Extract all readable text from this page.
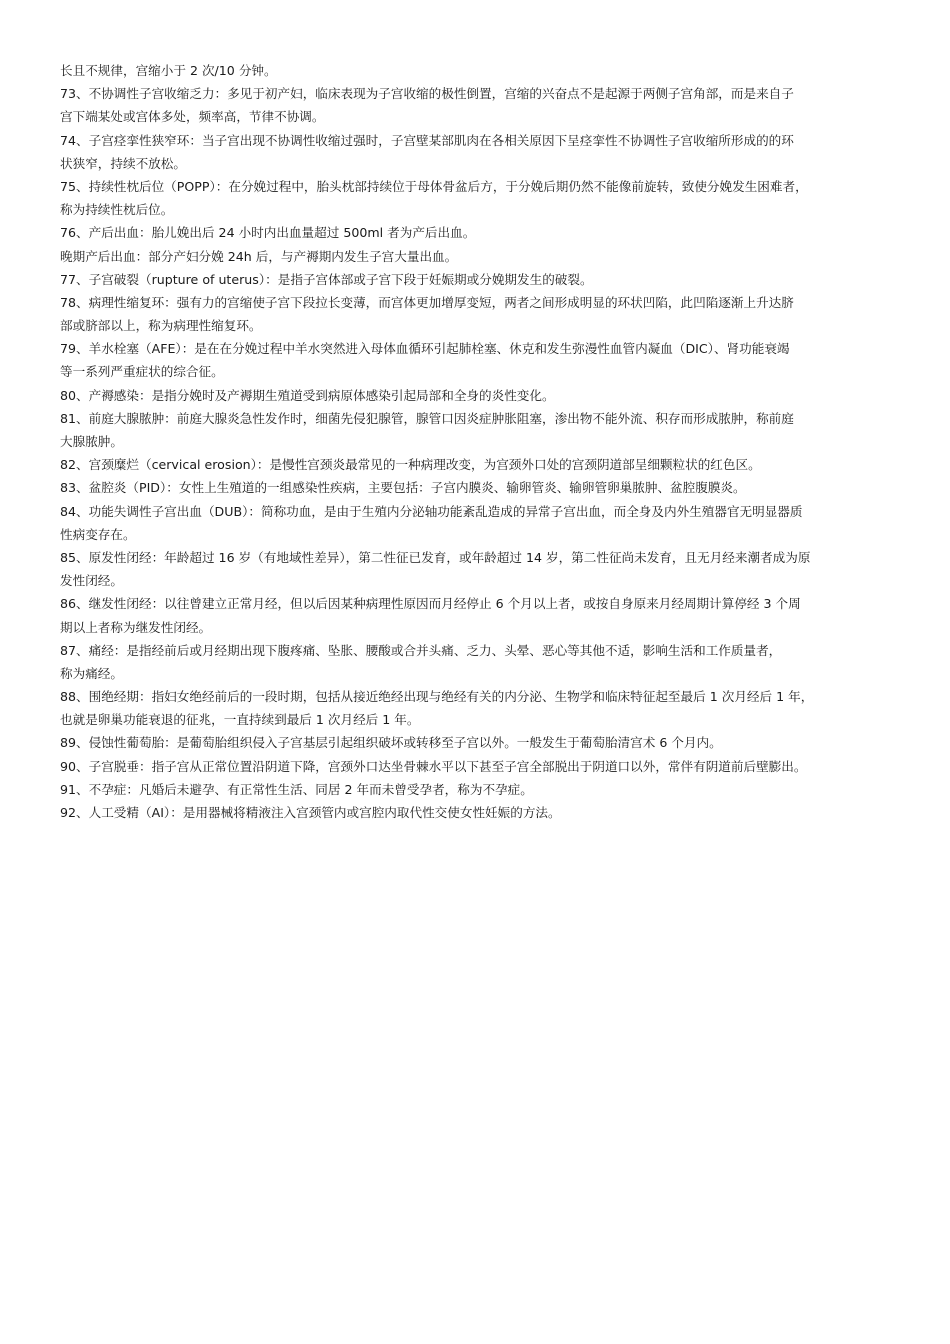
长且不规律，宫缩小于 2 次/10 分钟。
73、不协调性子宫收缩乏力：多见于初产妇，临床表现为子宫收缩的极性倒置，宫缩的兴奋点不是起源于两侧子宫角部，而是来自子
宫下端某处或宫体多处，频率高，节律不协调。
74、子宫痉挛性狭窄环：当子宫出现不协调性收缩过强时，子宫壁某部肌肉在各相关原因下呈痉挛性不协调性子宫收缩所形成的的环
状狭窄，持续不放松。
75、持续性枕后位（POPP）：在分娩过程中，胎头枕部持续位于母体骨盆后方，于分娩后期仍然不能像前旋转，致使分娩发生困难者，
称为持续性枕后位。
76、产后出血：胎儿娩出后 24 小时内出血量超过 500ml 者为产后出血。
晚期产后出血：部分产妇分娩 24h 后，与产褥期内发生子宫大量出血。
77、子宫破裂（rupture of uterus）：是指子宫体部或子宫下段于妊娠期或分娩期发生的破裂。
78、病理性缩复环：强有力的宫缩使子宫下段拉长变薄，而宫体更加增厚变短，两者之间形成明显的环状凹陷，此凹陷逐渐上升达脐
部或脐部以上，称为病理性缩复环。
79、羊水栓塞（AFE）：是在在分娩过程中羊水突然进入母体血循环引起肺栓塞、休克和发生弥漫性血管内凝血（DIC）、肾功能衰竭
等一系列严重症状的综合征。
80、产褥感染：是指分娩时及产褥期生殖道受到病原体感染引起局部和全身的炎性变化。
81、前庭大腺脓肿：前庭大腺炎急性发作时，细菌先侵犯腺管，腺管口因炎症肿胀阻塞，渗出物不能外流、积存而形成脓肿，称前庭
大腺脓肿。
82、宫颈糜烂（cervical erosion）：是慢性宫颈炎最常见的一种病理改变，为宫颈外口处的宫颈阴道部呈细颗粒状的红色区。
83、盆腔炎（PID）：女性上生殖道的一组感染性疾病，主要包括：子宫内膜炎、输卵管炎、输卵管卵巢脓肿、盆腔腹膜炎。
84、功能失调性子宫出血（DUB）：简称功血，是由于生殖内分泌轴功能紊乱造成的异常子宫出血，而全身及内外生殖器官无明显器质
性病变存在。
85、原发性闭经：年龄超过 16 岁（有地域性差异），第二性征已发育，或年龄超过 14 岁，第二性征尚未发育，且无月经来潮者成为原
发性闭经。
86、继发性闭经：以往曾建立正常月经，但以后因某种病理性原因而月经停止 6 个月以上者，或按自身原来月经周期计算停经 3 个周
期以上者称为继发性闭经。
87、痛经：是指经前后或月经期出现下腹疼痛、坠胀、腰酸或合并头痛、乏力、头晕、恶心等其他不适，影响生活和工作质量者，
称为痛经。
88、围绝经期：指妇女绝经前后的一段时期，包括从接近绝经出现与绝经有关的内分泌、生物学和临床特征起至最后 1 次月经后 1 年，
也就是卵巢功能衰退的征兆，一直持续到最后 1 次月经后 1 年。
89、侵蚀性葡萄胎：是葡萄胎组织侵入子宫基层引起组织破坏或转移至子宫以外。一般发生于葡萄胎清宫术 6 个月内。
90、子宫脱垂：指子宫从正常位置沿阴道下降，宫颈外口达坐骨棘水平以下甚至子宫全部脱出于阴道口以外，常伴有阴道前后壁膨出。
91、不孕症：凡婚后未避孕、有正常性生活、同居 2 年而未曾受孕者，称为不孕症。
92、人工受精（AI）：是用器械将精液注入宫颈管内或宫腔内取代性交使女性妊娠的方法。
